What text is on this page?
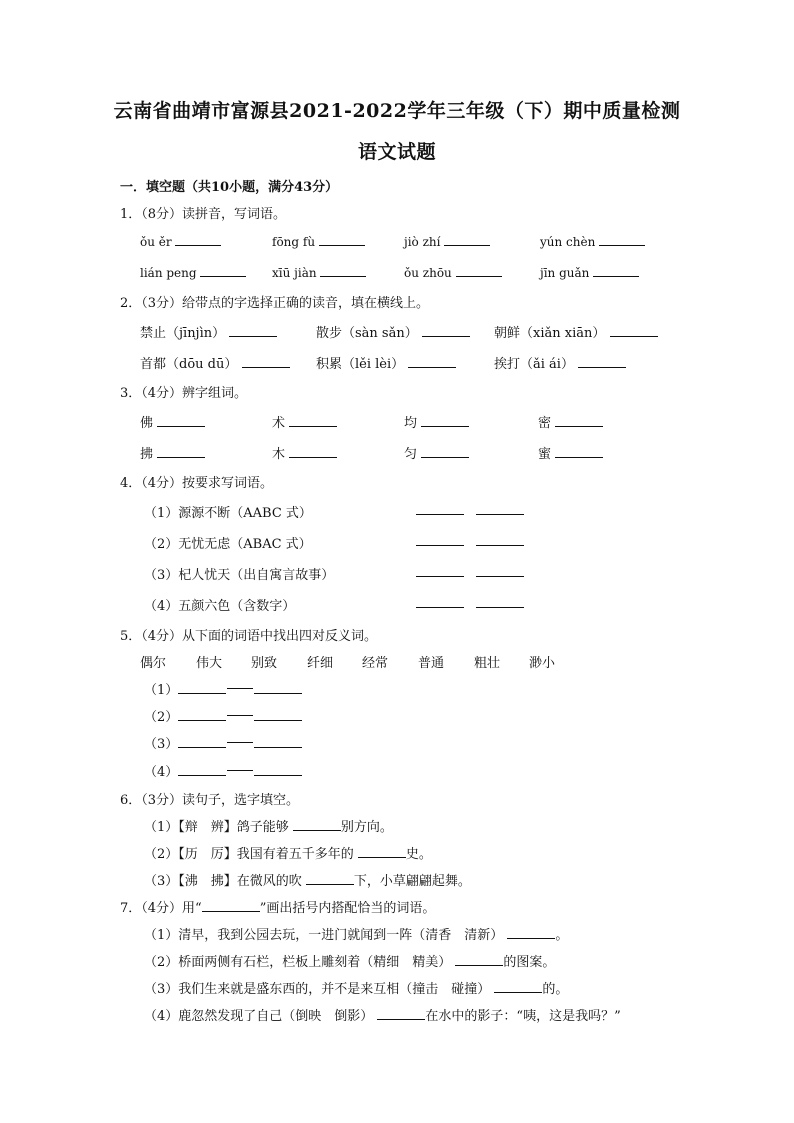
云南省曲靖市富源县2021-2022学年三年级（下）期中质量检测
语文试题
一．填空题（共10小题，满分43分）
1．（8分）读拼音，写词语。
ǒu ěr	fōng fù	jiò zhí	yún chèn
lián peng	xīū jiàn	ǒu zhōu	jīn guǎn
2．（3分）给带点的字选择正确的读音，填在横线上。
禁止（jīnjìn）	散步（sàn sǎn）	朝鲜（xiǎn xiān）
首都（dōu dū）	积累（lěi lèi）	挨打（ǎi ái）
3．（4分）辨字组词。
佛	术	均	密
拂	木	匀	蜜
4．（4分）按要求写词语。
（1）源源不断（AABC 式）
（2）无忧无虑（ABAC 式）
（3）杞人忧天（出自寓言故事）
（4）五颜六色（含数字）

5．（4分）从下面的词语中找出四对反义词。
偶尔 伟大 别致 纤细 经常 普通 粗壮 渺小
（1）
（2）
（3）
（4）
6．（3分）读句子，选字填空。
（1）【辩　辨】鸽子能够	别方向。
（2）【历　厉】我国有着五千多年的	史。
（3）【沸　拂】在微风的吹	下，小草翩翩起舞。
7．（4分）用“	”画出括号内搭配恰当的词语。
（1）清早，我到公园去玩，一进门就闻到一阵（清香　清新）	。
（2）桥面两侧有石栏，栏板上雕刻着（精细　精美）	的图案。
（3）我们生来就是盛东西的，并不是来互相（撞击　碰撞）	的。
（4）鹿忽然发现了自己（倒映　倒影）	在水中的影子：“咦，这是我吗？”
